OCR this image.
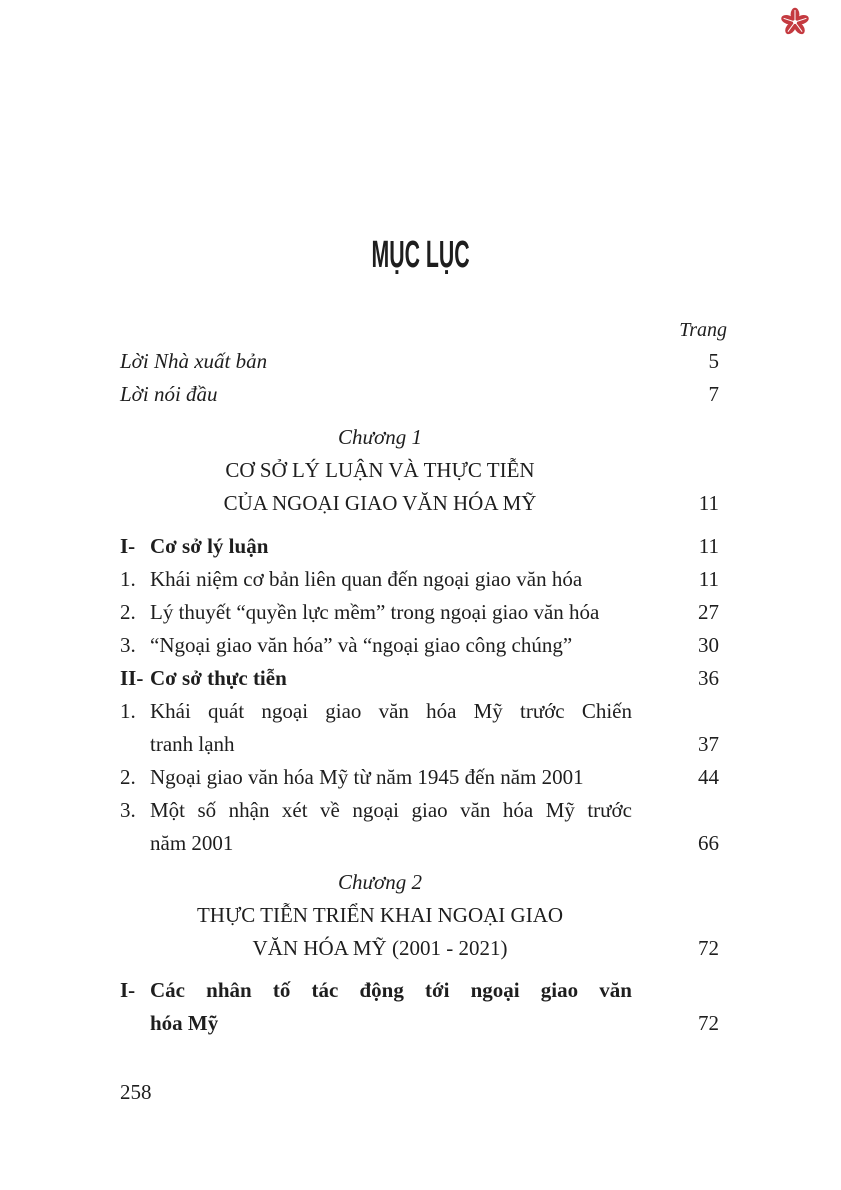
MỤC LỤC
Trang
Lời Nhà xuất bản	5
Lời nói đầu	7
Chương 1
CƠ SỞ LÝ LUẬN VÀ THỰC TIỄN
CỦA NGOẠI GIAO VĂN HÓA MỸ	11
I- Cơ sở lý luận	11
1. Khái niệm cơ bản liên quan đến ngoại giao văn hóa	11
2. Lý thuyết “quyền lực mềm” trong ngoại giao văn hóa	27
3. “Ngoại giao văn hóa” và “ngoại giao công chúng”	30
II- Cơ sở thực tiễn	36
1. Khái quát ngoại giao văn hóa Mỹ trước Chiến
tranh lạnh	37
2. Ngoại giao văn hóa Mỹ từ năm 1945 đến năm 2001	44
3. Một số nhận xét về ngoại giao văn hóa Mỹ trước
năm 2001	66
Chương 2
THỰC TIỄN TRIỂN KHAI NGOẠI GIAO
VĂN HÓA MỸ (2001 - 2021)	72
I- Các nhân tố tác động tới ngoại giao văn
hóa Mỹ	72
258
